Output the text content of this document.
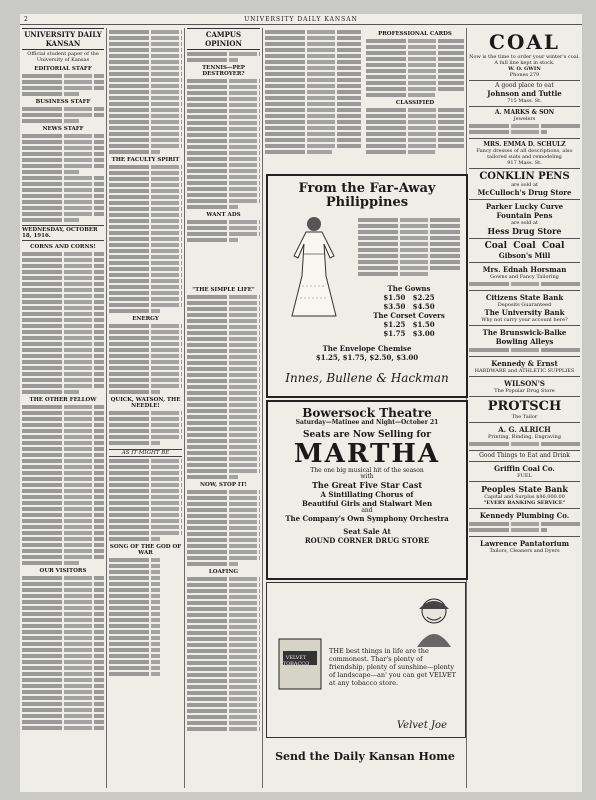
2	UNIVERSITY DAILY KANSAN
UNIVERSITY DAILY KANSAN
Official student paper of the University of Kansas
EDITORIAL STAFF
BUSINESS STAFF
NEWS STAFF
WEDNESDAY, OCTOBER 18, 1916.
CORNS AND CORNS!
THE OTHER FELLOW
OUR VISITORS
THE FACULTY SPIRIT
ENERGY
QUICK, WATSON, THE NEEDLE!
AS IT MIGHT BE
SONG OF THE GOD OF WAR
CAMPUS OPINION
TENNIS—PEP DESTROYER?
WANT ADS
PROFESSIONAL CARDS
CLASSIFIED
"THE SIMPLE LIFE"
NOW, STOP IT!
LOAFING
From the Far-Away Philippines
The Gowns
$1.50 $2.25
$3.50 $4.50
The Corset Covers
$1.25 $1.50
$1.75 $3.00
The Envelope Chemise
$1.25, $1.75, $2.50, $3.00
Innes, Bullene & Hackman
Bowersock Theatre
Saturday—Matinee and Night—October 21
Seats are Now Selling for
MARTHA
The one big musical hit of the season
with
The Great Five Star Cast
A Sintillating Chorus of
Beautiful Girls and Stalwart Men
and
The Company's Own Symphony Orchestra
Seat Sale At
ROUND CORNER DRUG STORE
VELVET TOBACCO
THE best things in life are the commonest. Thar's plenty of friendship, plenty of sunshine—plenty of landscape—an' you can get VELVET at any tobacco store.
Velvet Joe
Send the Daily Kansan Home
COAL
Now is the time to order your winter's coal. A full line kept in stock.
W. O. GWIN
Phones 279
A good place to eat
Johnson and Tuttle
715 Mass. St.
A. MARKS & SON
Jewelers
MRS. EMMA D. SCHULZ
Fancy dresses of all descriptions, also tailored suits and remodeling
917 Mass. St.
CONKLIN PENS
are sold at
McCulloch's Drug Store
Parker Lucky Curve Fountain Pens
are sold at
Hess Drug Store
Coal Coal Coal
Gibson's Mill
Mrs. Ednah Horsman
Gowns and Fancy Tailoring
Citizens State Bank
Deposits Guaranteed
The University Bank
Why not carry your account here?
The Brunswick-Balke Bowling Alleys
Kennedy & Ernst
HARDWARE and ATHLETIC SUPPLIES
WILSON'S
The Popular Drug Store
PROTSCH
The Tailor
A. G. ALRICH
Printing, Binding, Engraving
Good Things to Eat and Drink
Griffin Coal Co.
FUEL
Peoples State Bank
Capital and Surplus $86,000.00
"EVERY BANKING SERVICE"
Kennedy Plumbing Co.
Lawrence Pantatorium
Tailors, Cleaners and Dyers
